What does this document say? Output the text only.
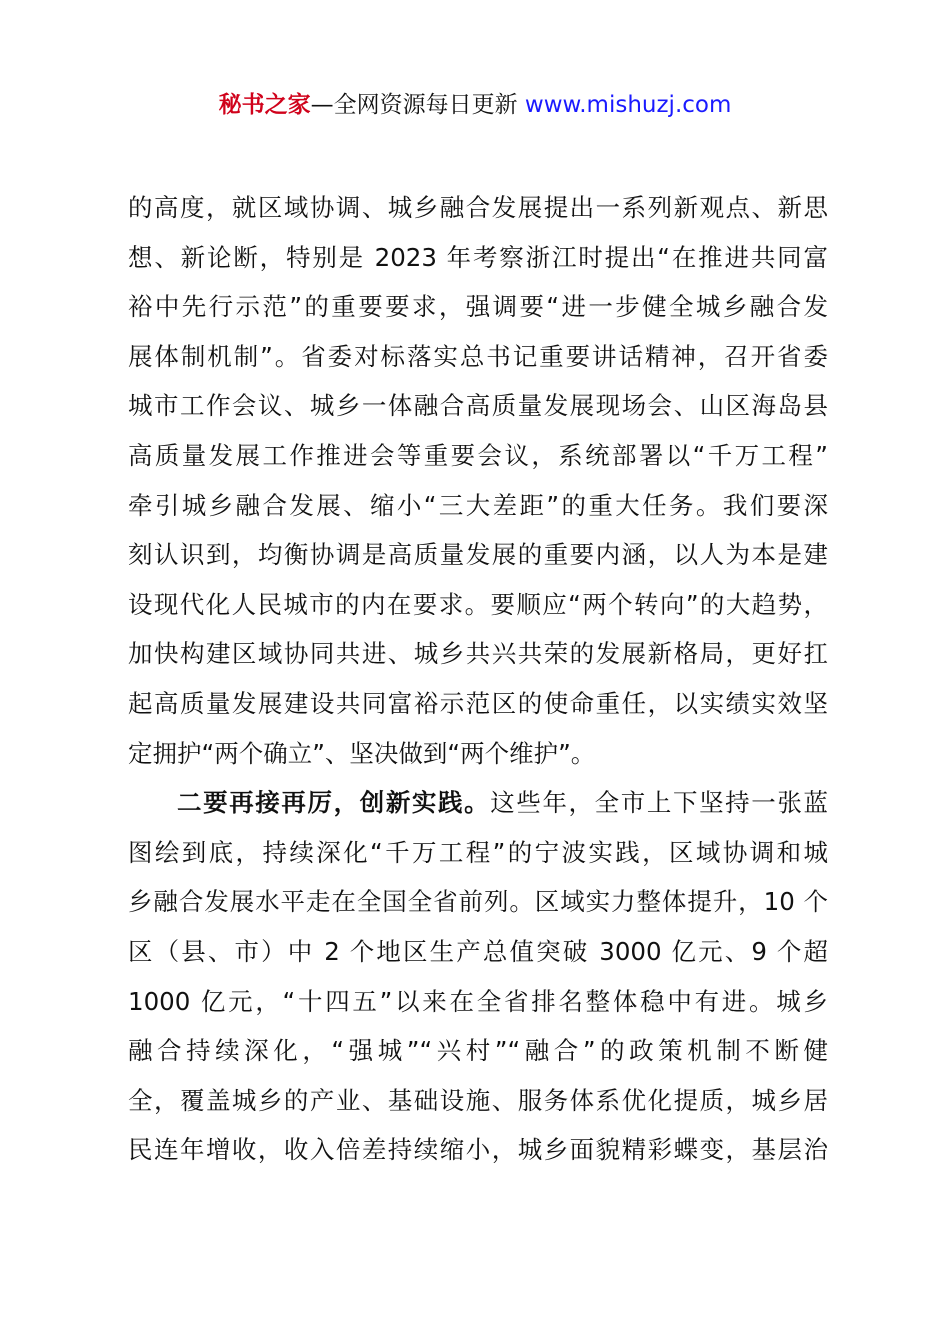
秘书之家—全网资源每日更新 www.mishuzj.com
的高度，就区域协调、城乡融合发展提出一系列新观点、新思
想、新论断，特别是 2023 年考察浙江时提出“在推进共同富
裕中先行示范”的重要要求，强调要“进一步健全城乡融合发
展体制机制”。省委对标落实总书记重要讲话精神，召开省委
城市工作会议、城乡一体融合高质量发展现场会、山区海岛县
高质量发展工作推进会等重要会议，系统部署以“千万工程”
牵引城乡融合发展、缩小“三大差距”的重大任务。我们要深
刻认识到，均衡协调是高质量发展的重要内涵，以人为本是建
设现代化人民城市的内在要求。要顺应“两个转向”的大趋势，
加快构建区域协同共进、城乡共兴共荣的发展新格局，更好扛
起高质量发展建设共同富裕示范区的使命重任，以实绩实效坚
定拥护“两个确立”、坚决做到“两个维护”。
二要再接再厉，创新实践。这些年，全市上下坚持一张蓝
图绘到底，持续深化“千万工程”的宁波实践，区域协调和城
乡融合发展水平走在全国全省前列。区域实力整体提升，10 个
区（县、市）中 2 个地区生产总值突破 3000 亿元、9 个超
1000 亿元，“十四五”以来在全省排名整体稳中有进。城乡
融合持续深化，“强城”“兴村”“融合”的政策机制不断健
全，覆盖城乡的产业、基础设施、服务体系优化提质，城乡居
民连年增收，收入倍差持续缩小，城乡面貌精彩蝶变，基层治
